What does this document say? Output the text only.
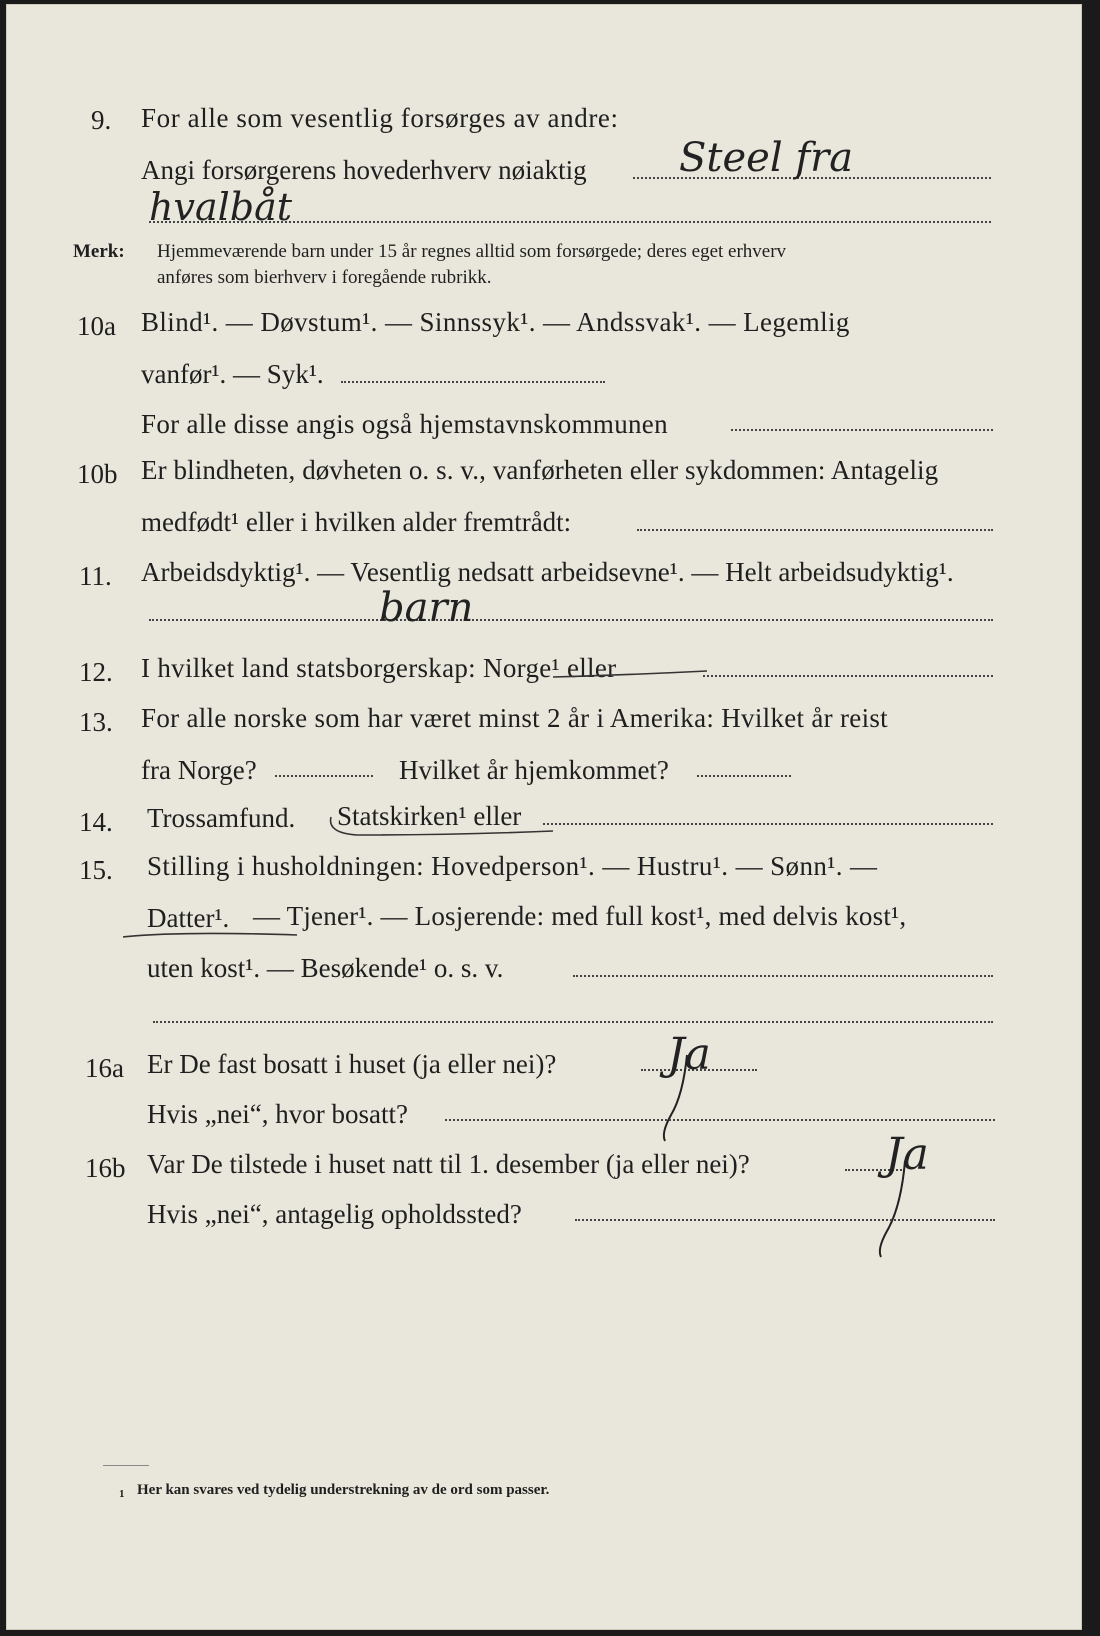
9. For alle som vesentlig forsørges av andre:
Angi forsørgerens hovederhverv nøiaktig Steel fra
hvalbåt
Merk: Hjemmeværende barn under 15 år regnes alltid som forsørgede; deres eget erhverv
anføres som bierhverv i foregående rubrikk.
10a Blind¹. — Døvstum¹. — Sinnssyk¹. — Andssvak¹. — Legemlig
vanfør¹. — Syk¹.
For alle disse angis også hjemstavnskommunen
10b Er blindheten, døvheten o. s. v., vanførheten eller sykdommen: Antagelig
medfødt¹ eller i hvilken alder fremtrådt:
11. Arbeidsdyktig¹. — Vesentlig nedsatt arbeidsevne¹. — Helt arbeidsudyktig¹.
barn
12. I hvilket land statsborgerskap: Norge¹ eller
13. For alle norske som har været minst 2 år i Amerika: Hvilket år reist
fra Norge?	Hvilket år hjemkommet?
14. Trossamfund. Statskirken¹ eller
15. Stilling i husholdningen: Hovedperson¹. — Hustru¹. — Sønn¹. —
Datter¹. — Tjener¹. — Losjerende: med full kost¹, med delvis kost¹,
uten kost¹. — Besøkende¹ o. s. v.
16a Er De fast bosatt i huset (ja eller nei)?	Ja
Hvis „nei“, hvor bosatt?
16b Var De tilstede i huset natt til 1. desember (ja eller nei)?	Ja
Hvis „nei“, antagelig opholdssted?
1 Her kan svares ved tydelig understrekning av de ord som passer.
